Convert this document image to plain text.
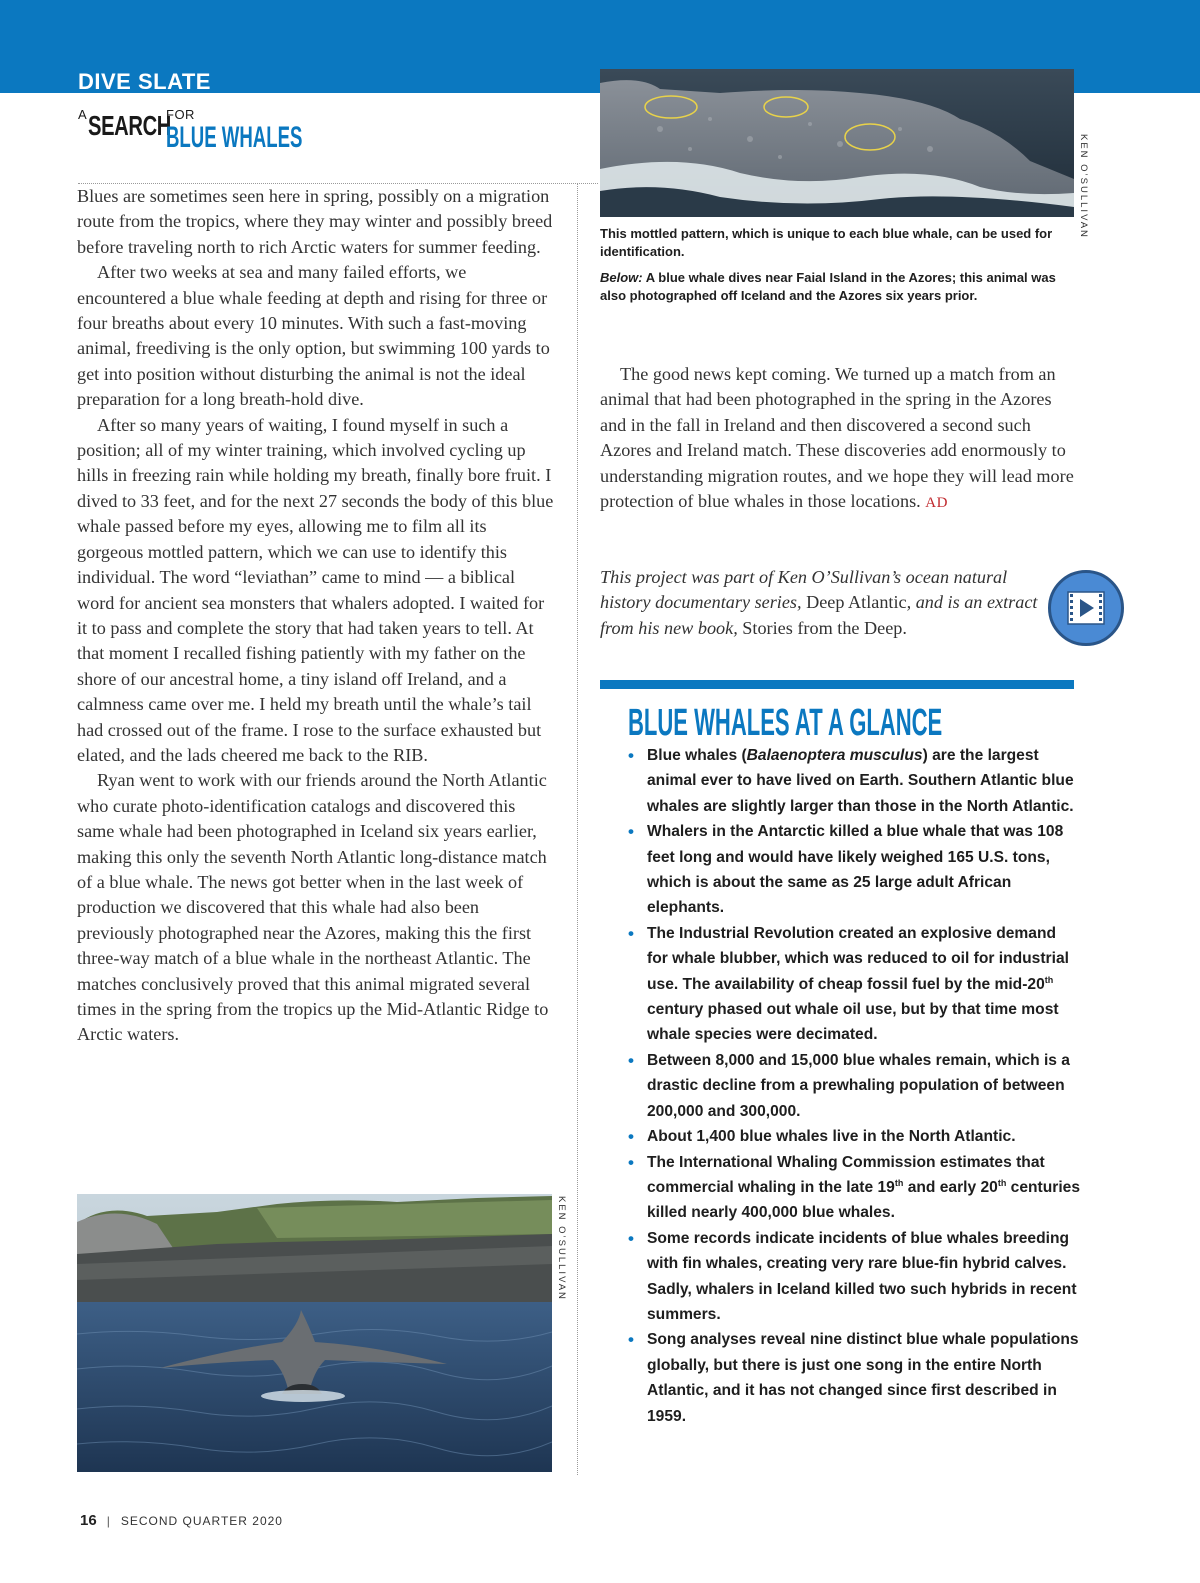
DIVE SLATE
A SEARCH
FOR
BLUE WHALES

Blues are sometimes seen here in spring, possibly on a migration route from the tropics, where they may winter and possibly breed before traveling north to rich Arctic waters for summer feeding.

After two weeks at sea and many failed efforts, we encountered a blue whale feeding at depth and rising for three or four breaths about every 10 minutes. With such a fast-moving animal, freediving is the only option, but swimming 100 yards to get into position without disturbing the animal is not the ideal preparation for a long breath-hold dive.

After so many years of waiting, I found myself in such a position; all of my winter training, which involved cycling up hills in freezing rain while holding my breath, finally bore fruit. I dived to 33 feet, and for the next 27 seconds the body of this blue whale passed before my eyes, allowing me to film all its gorgeous mottled pattern, which we can use to identify this individual. The word “leviathan” came to mind — a biblical word for ancient sea monsters that whalers adopted. I waited for it to pass and complete the story that had taken years to tell. At that moment I recalled fishing patiently with my father on the shore of our ancestral home, a tiny island off Ireland, and a calmness came over me. I held my breath until the whale’s tail had crossed out of the frame. I rose to the surface exhausted but elated, and the lads cheered me back to the RIB.

Ryan went to work with our friends around the North Atlantic who curate photo-identification catalogs and discovered this same whale had been photographed in Iceland six years earlier, making this only the seventh North Atlantic long-distance match of a blue whale. The news got better when in the last week of production we discovered that this whale had also been previously photographed near the Azores, making this the first three-way match of a blue whale in the northeast Atlantic. The matches conclusively proved that this animal migrated several times in the spring from the tropics up the Mid-Atlantic Ridge to Arctic waters.

KEN O’SULLIVAN

This mottled pattern, which is unique to each blue whale, can be used for identification.

Below: A blue whale dives near Faial Island in the Azores; this animal was also photographed off Iceland and the Azores six years prior.

The good news kept coming. We turned up a match from an animal that had been photographed in the spring in the Azores and in the fall in Ireland and then discovered a second such Azores and Ireland match. These discoveries add enormously to understanding migration routes, and we hope they will lead more protection of blue whales in those locations. AD

This project was part of Ken O’Sullivan’s ocean natural history documentary series, Deep Atlantic, and is an extract from his new book, Stories from the Deep.
BLUE WHALES AT A GLANCE
• Blue whales (Balaenoptera musculus) are the largest animal ever to have lived on Earth. Southern Atlantic blue whales are slightly larger than those in the North Atlantic.
• Whalers in the Antarctic killed a blue whale that was 108 feet long and would have likely weighed 165 U.S. tons, which is about the same as 25 large adult African elephants.
• The Industrial Revolution created an explosive demand for whale blubber, which was reduced to oil for industrial use. The availability of cheap fossil fuel by the mid-20th century phased out whale oil use, but by that time most whale species were decimated.
• Between 8,000 and 15,000 blue whales remain, which is a drastic decline from a prewhaling population of between 200,000 and 300,000.
• About 1,400 blue whales live in the North Atlantic.
• The International Whaling Commission estimates that commercial whaling in the late 19th and early 20th centuries killed nearly 400,000 blue whales.
• Some records indicate incidents of blue whales breeding with fin whales, creating very rare blue-fin hybrid calves. Sadly, whalers in Iceland killed two such hybrids in recent summers.
• Song analyses reveal nine distinct blue whale populations globally, but there is just one song in the entire North Atlantic, and it has not changed since first described in 1959.
KEN O’SULLIVAN
16 | SECOND QUARTER 2020
